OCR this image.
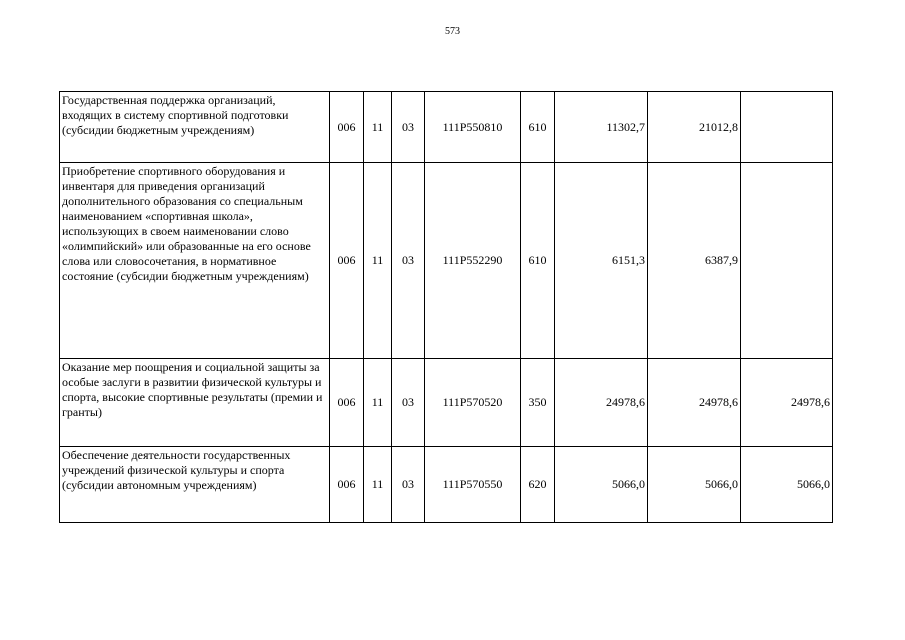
573
Государственная поддержка организаций, входящих в систему спортивной подготовки (субсидии бюджетным учреждениям)	006	11	03	111Р550810	610	11302,7	21012,8	
Приобретение спортивного оборудования и инвентаря для приведения организаций дополнительного образования со специальным наименованием «спортивная школа», использующих в своем наименовании слово «олимпийский» или образованные на его основе слова или словосочетания, в нормативное состояние (субсидии бюджетным учреждениям)	006	11	03	111Р552290	610	6151,3	6387,9	
Оказание мер поощрения и социальной защиты за особые заслуги в развитии физической культуры и спорта, высокие спортивные результаты (премии и гранты)	006	11	03	111Р570520	350	24978,6	24978,6	24978,6
Обеспечение деятельности государственных учреждений физической культуры и спорта (субсидии автономным учреждениям)	006	11	03	111Р570550	620	5066,0	5066,0	5066,0
